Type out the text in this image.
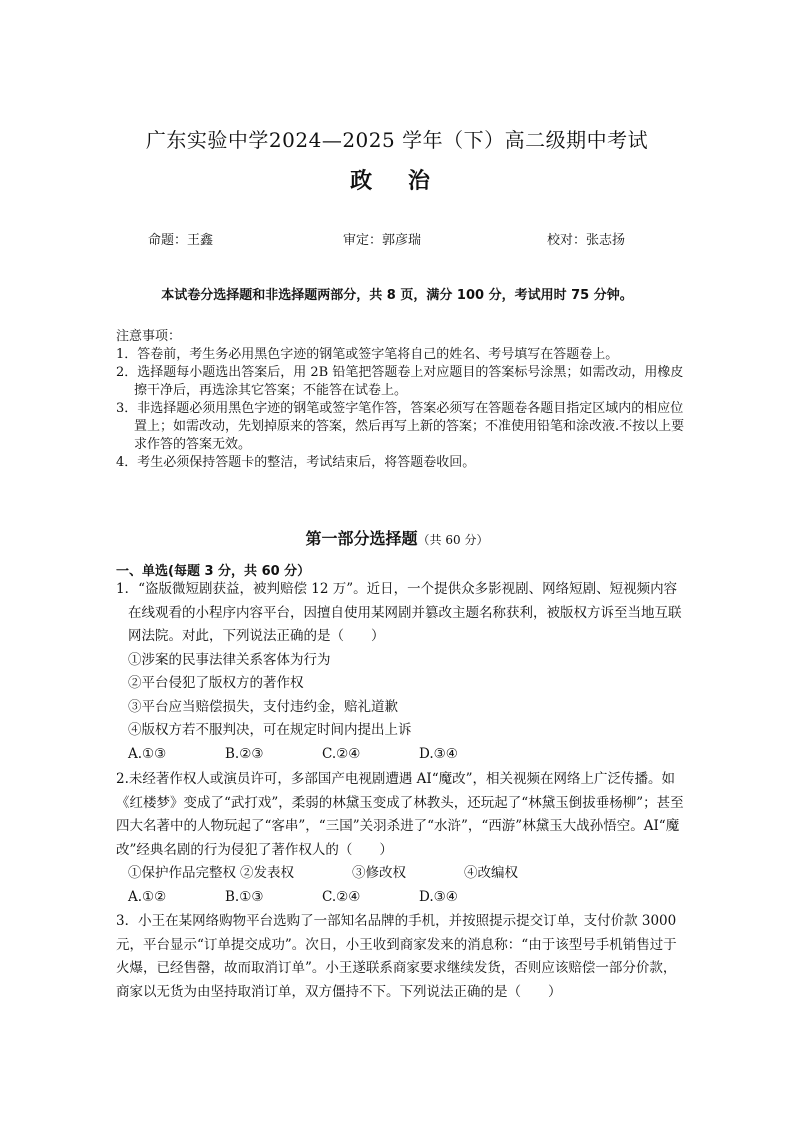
广东实验中学2024—2025 学年（下）高二级期中考试
政 治
命题：王鑫	审定：郭彦瑞	校对：张志扬
本试卷分选择题和非选择题两部分，共 8 页，满分 100 分，考试用时 75 分钟。

注意事项：

1．答卷前，考生务必用黑色字迹的钢笔或签字笔将自己的姓名、考号填写在答题卷上。

2．选择题每小题选出答案后，用 2B 铅笔把答题卷上对应题目的答案标号涂黑；如需改动，用橡皮擦干净后，再选涂其它答案；不能答在试卷上。

3．非选择题必须用黑色字迹的钢笔或签字笔作答，答案必须写在答题卷各题目指定区域内的相应位置上；如需改动，先划掉原来的答案，然后再写上新的答案；不准使用铅笔和涂改液.不按以上要求作答的答案无效。

4．考生必须保持答题卡的整洁，考试结束后，将答题卷收回。

第一部分选择题（共 60 分）
一、单选(每题 3 分，共 60 分）

1．“盗版微短剧获益，被判赔偿 12 万”。近日，一个提供众多影视剧、网络短剧、短视频内容在线观看的小程序内容平台，因擅自使用某网剧并篡改主题名称获利，被版权方诉至当地互联网法院。对此，下列说法正确的是（　　）

①涉案的民事法律关系客体为行为

②平台侵犯了版权方的著作权

③平台应当赔偿损失，支付违约金，赔礼道歉

④版权方若不服判决，可在规定时间内提出上诉

A.①③	B.②③	C.②④	D.③④

2.未经著作权人或演员许可，多部国产电视剧遭遇 AI“魔改”，相关视频在网络上广泛传播。如《红楼梦》变成了“武打戏”，柔弱的林黛玉变成了林教头，还玩起了“林黛玉倒拔垂杨柳”；甚至四大名著中的人物玩起了“客串”，“三国”关羽杀进了“水浒”，“西游”林黛玉大战孙悟空。AI“魔改”经典名剧的行为侵犯了著作权人的（　　）

①保护作品完整权 ②发表权	③修改权	④改编权
A.①②	B.①③	C.②④	D.③④

3．小王在某网络购物平台选购了一部知名品牌的手机，并按照提示提交订单，支付价款 3000 元，平台显示“订单提交成功”。次日，小王收到商家发来的消息称：“由于该型号手机销售过于火爆，已经售罄，故而取消订单”。小王遂联系商家要求继续发货，否则应该赔偿一部分价款，商家以无货为由坚持取消订单，双方僵持不下。下列说法正确的是（　　）
